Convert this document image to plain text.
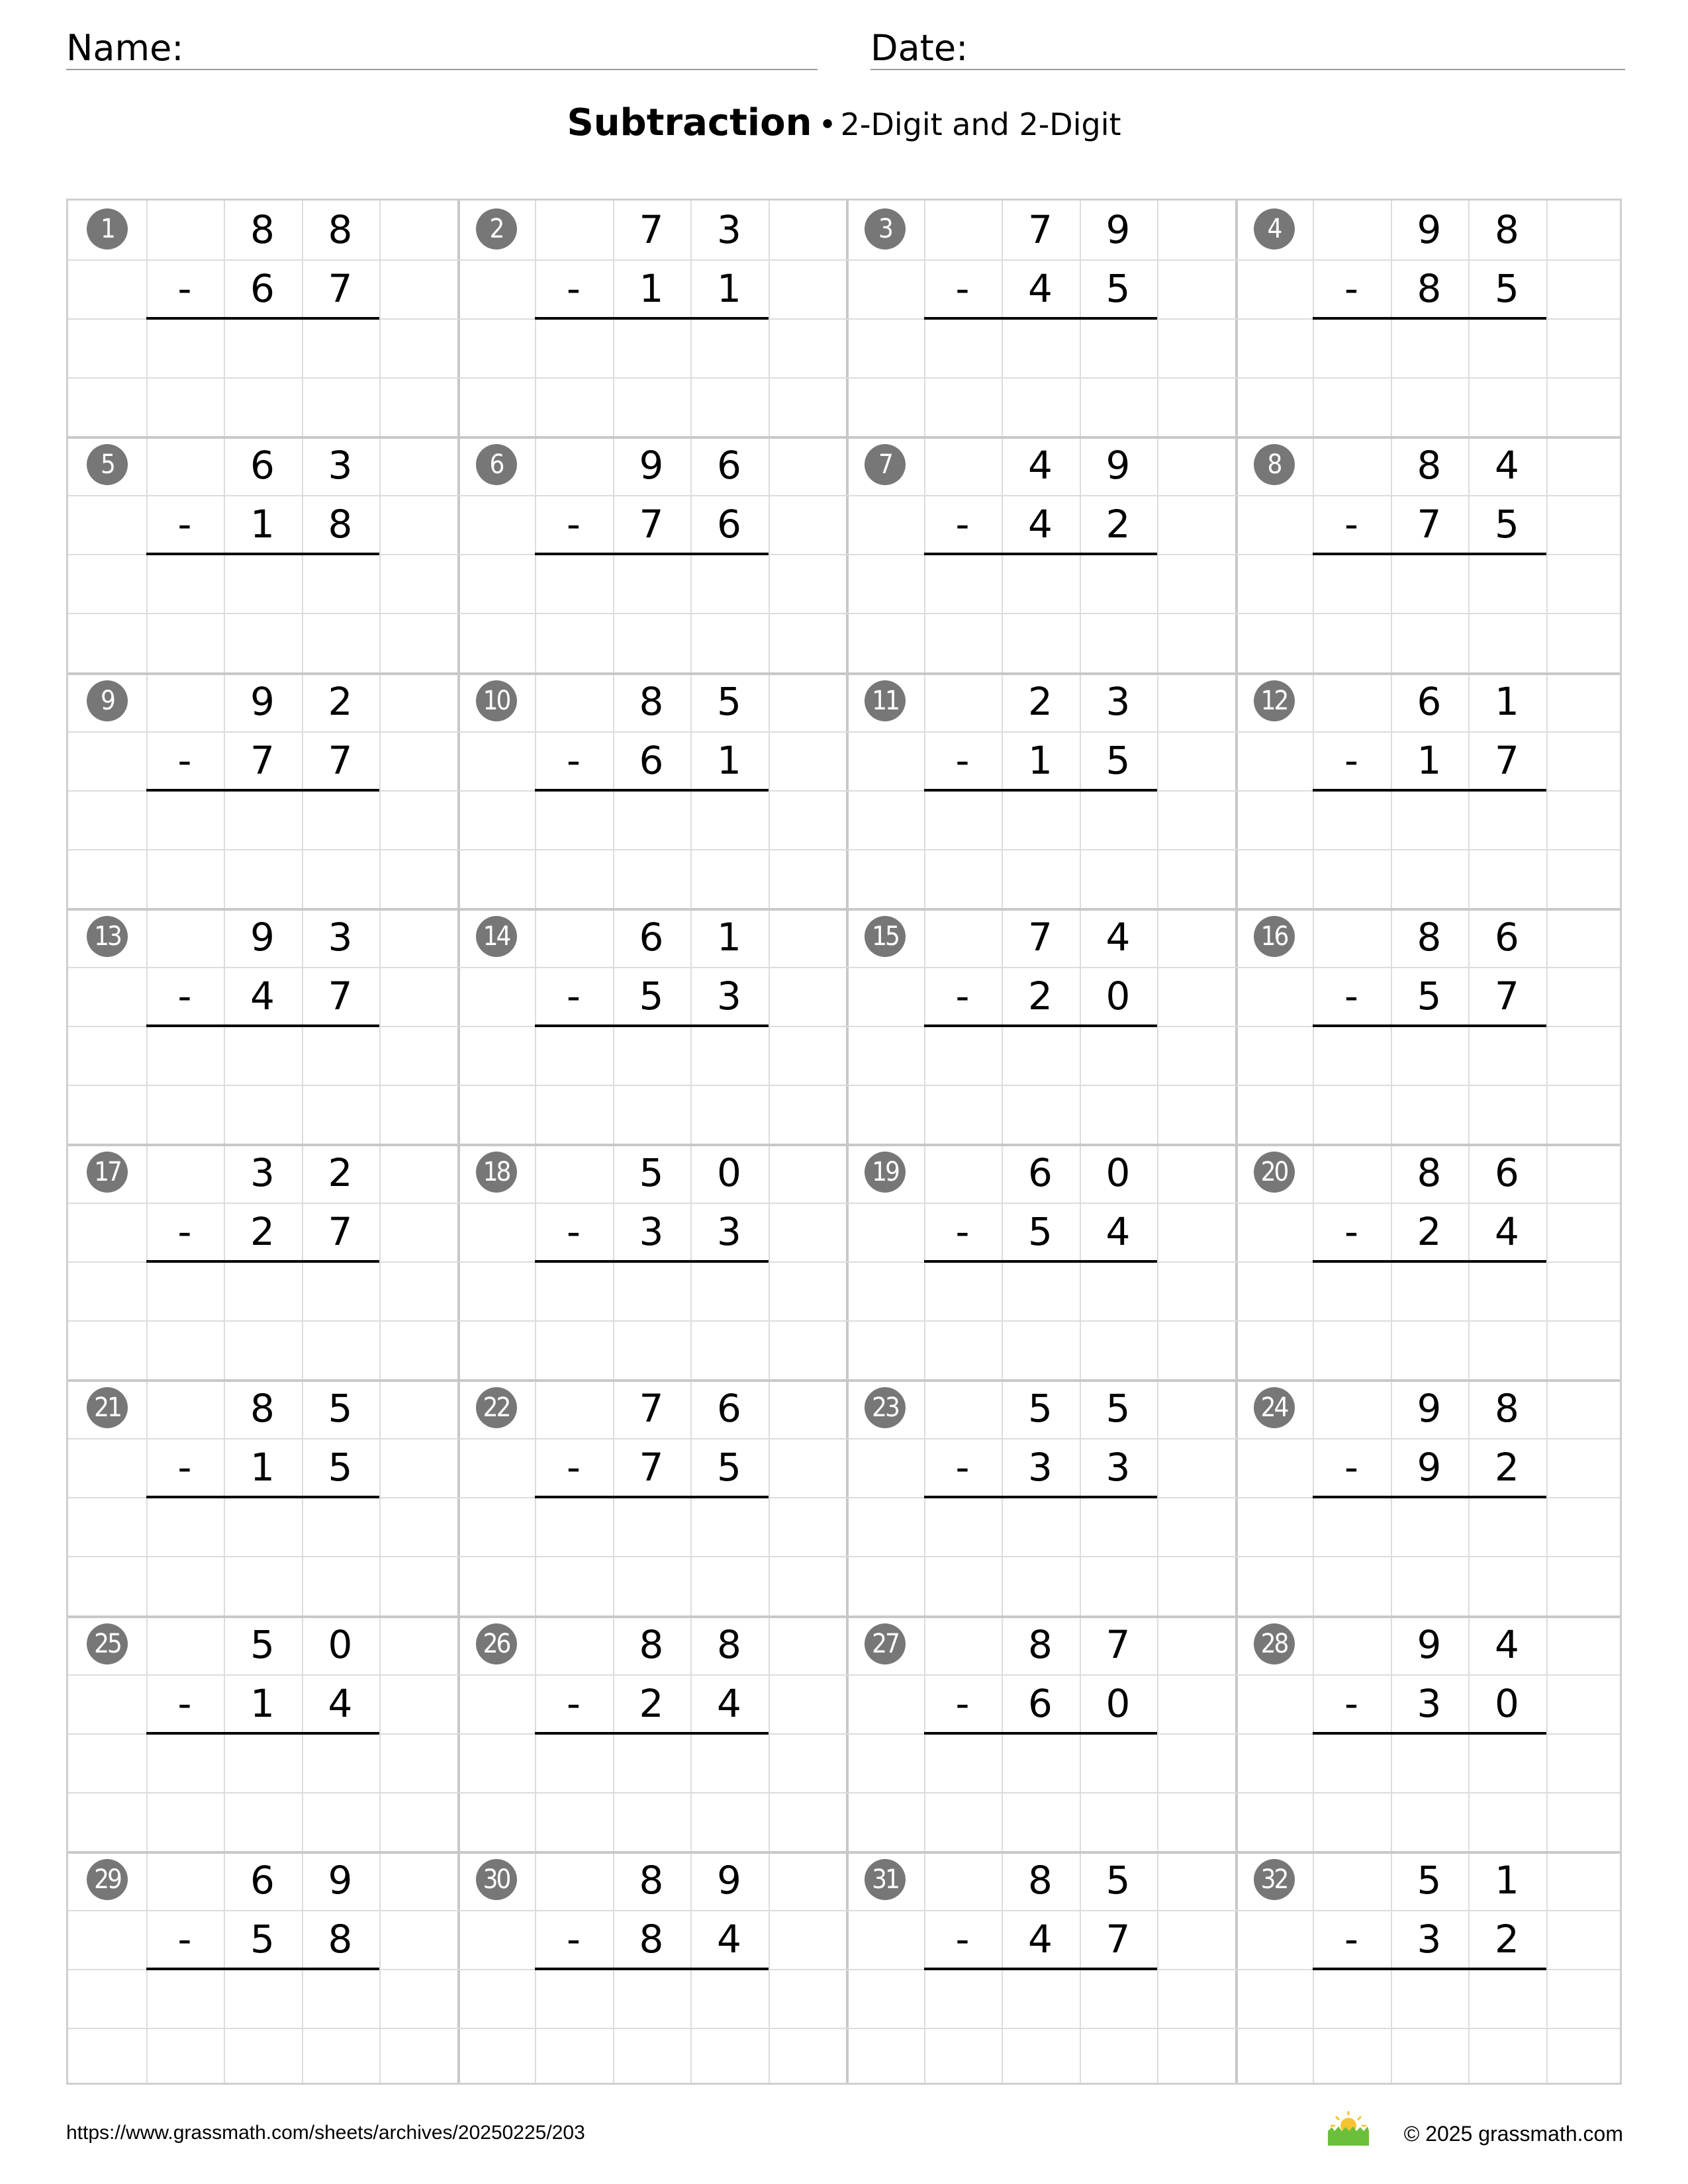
Name:	Date:
Subtraction • 2-Digit and 2-Digit
1	8	8
-	6	7
2	7	3
-	1	1
3	7	9
-	4	5
4	9	8
-	8	5
5	6	3
-	1	8
6	9	6
-	7	6
7	4	9
-	4	2
8	8	4
-	7	5
9	9	2
-	7	7
10	8	5
-	6	1
11	2	3
-	1	5
12	6	1
-	1	7
13	9	3
-	4	7
14	6	1
-	5	3
15	7	4
-	2	0
16	8	6
-	5	7
17	3	2
-	2	7
18	5	0
-	3	3
19	6	0
-	5	4
20	8	6
-	2	4
21	8	5
-	1	5
22	7	6
-	7	5
23	5	5
-	3	3
24	9	8
-	9	2
25	5	0
-	1	4
26	8	8
-	2	4
27	8	7
-	6	0
28	9	4
-	3	0
29	6	9
-	5	8
30	8	9
-	8	4
31	8	5
-	4	7
32	5	1
-	3	2
https://www.grassmath.com/sheets/archives/20250225/203	© 2025 grassmath.com
